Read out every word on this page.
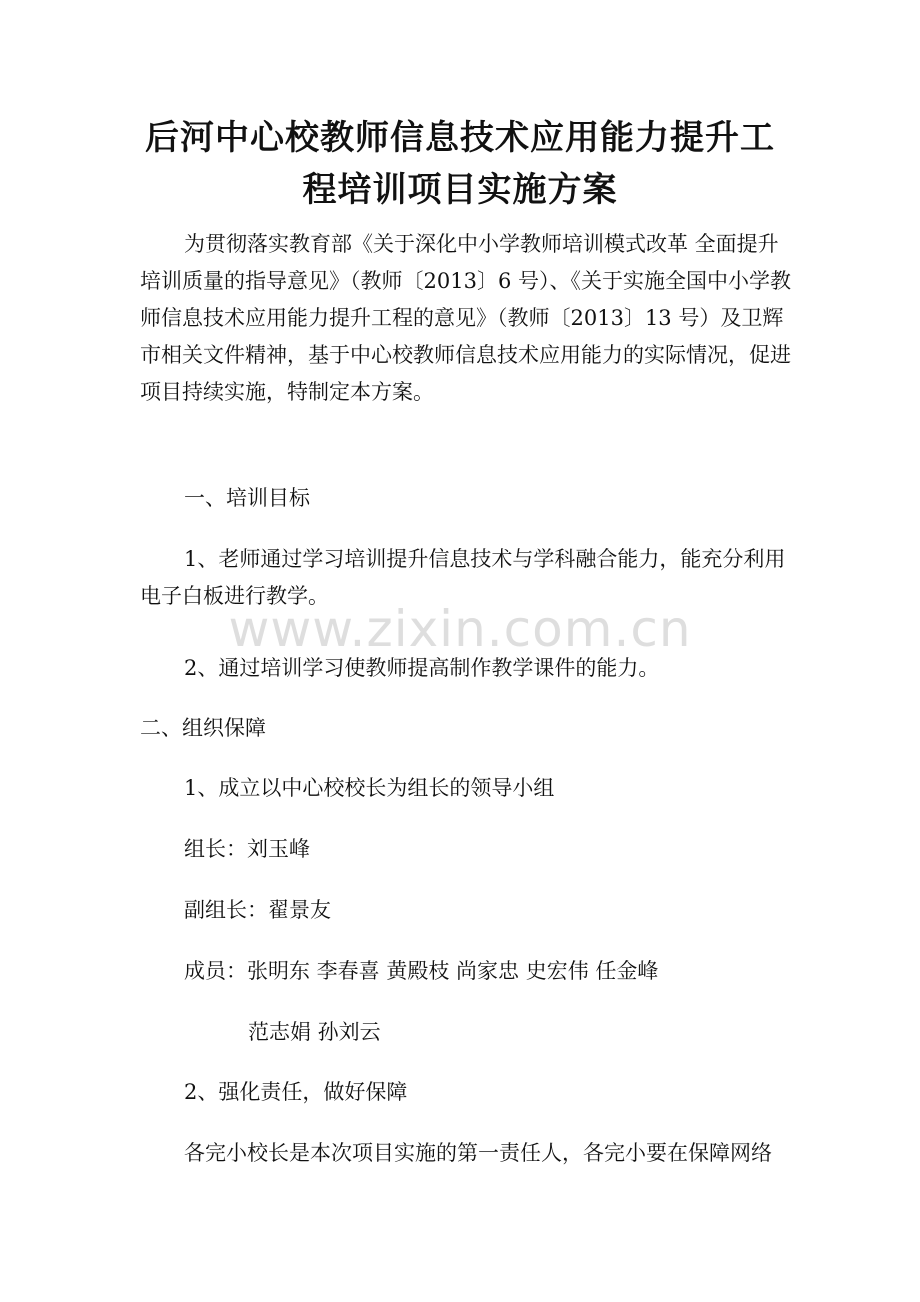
后河中心校教师信息技术应用能力提升工
程培训项目实施方案

为贯彻落实教育部《关于深化中小学教师培训模式改革 全面提升培训质量的指导意见》（教师〔2013〕6 号）、《关于实施全国中小学教师信息技术应用能力提升工程的意见》（教师〔2013〕13 号）及卫辉市相关文件精神，基于中心校教师信息技术应用能力的实际情况，促进项目持续实施，特制定本方案。

一、培训目标

1、老师通过学习培训提升信息技术与学科融合能力，能充分利用电子白板进行教学。

2、通过培训学习使教师提高制作教学课件的能力。

二、组织保障

1、成立以中心校校长为组长的领导小组

组长：刘玉峰

副组长：翟景友

成员：张明东 李春喜 黄殿枝 尚家忠 史宏伟 任金峰

范志娟 孙刘云

2、强化责任，做好保障

各完小校长是本次项目实施的第一责任人，各完小要在保障网络

www.zixin.com.cn
